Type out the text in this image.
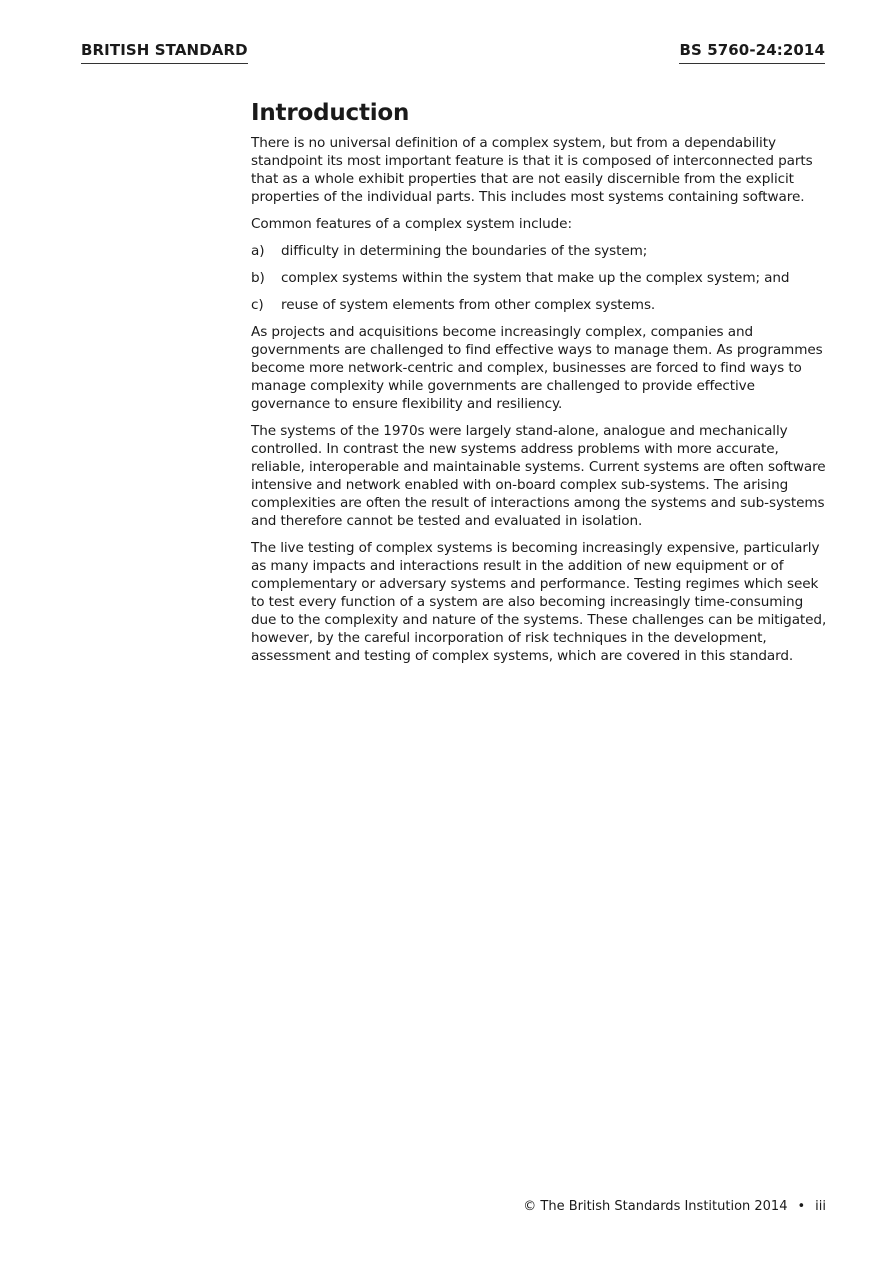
BRITISH STANDARD	BS 5760-24:2014
Introduction

There is no universal definition of a complex system, but from a dependability standpoint its most important feature is that it is composed of interconnected parts that as a whole exhibit properties that are not easily discernible from the explicit properties of the individual parts. This includes most systems containing software.

Common features of a complex system include:

a)	difficulty in determining the boundaries of the system;
b)	complex systems within the system that make up the complex system; and
c)	reuse of system elements from other complex systems.

As projects and acquisitions become increasingly complex, companies and governments are challenged to find effective ways to manage them. As programmes become more network-centric and complex, businesses are forced to find ways to manage complexity while governments are challenged to provide effective governance to ensure flexibility and resiliency.

The systems of the 1970s were largely stand-alone, analogue and mechanically controlled. In contrast the new systems address problems with more accurate, reliable, interoperable and maintainable systems. Current systems are often software intensive and network enabled with on-board complex sub-systems. The arising complexities are often the result of interactions among the systems and sub-systems and therefore cannot be tested and evaluated in isolation.

The live testing of complex systems is becoming increasingly expensive, particularly as many impacts and interactions result in the addition of new equipment or of complementary or adversary systems and performance. Testing regimes which seek to test every function of a system are also becoming increasingly time-consuming due to the complexity and nature of the systems. These challenges can be mitigated, however, by the careful incorporation of risk techniques in the development, assessment and testing of complex systems, which are covered in this standard.

© The British Standards Institution 2014 • iii
